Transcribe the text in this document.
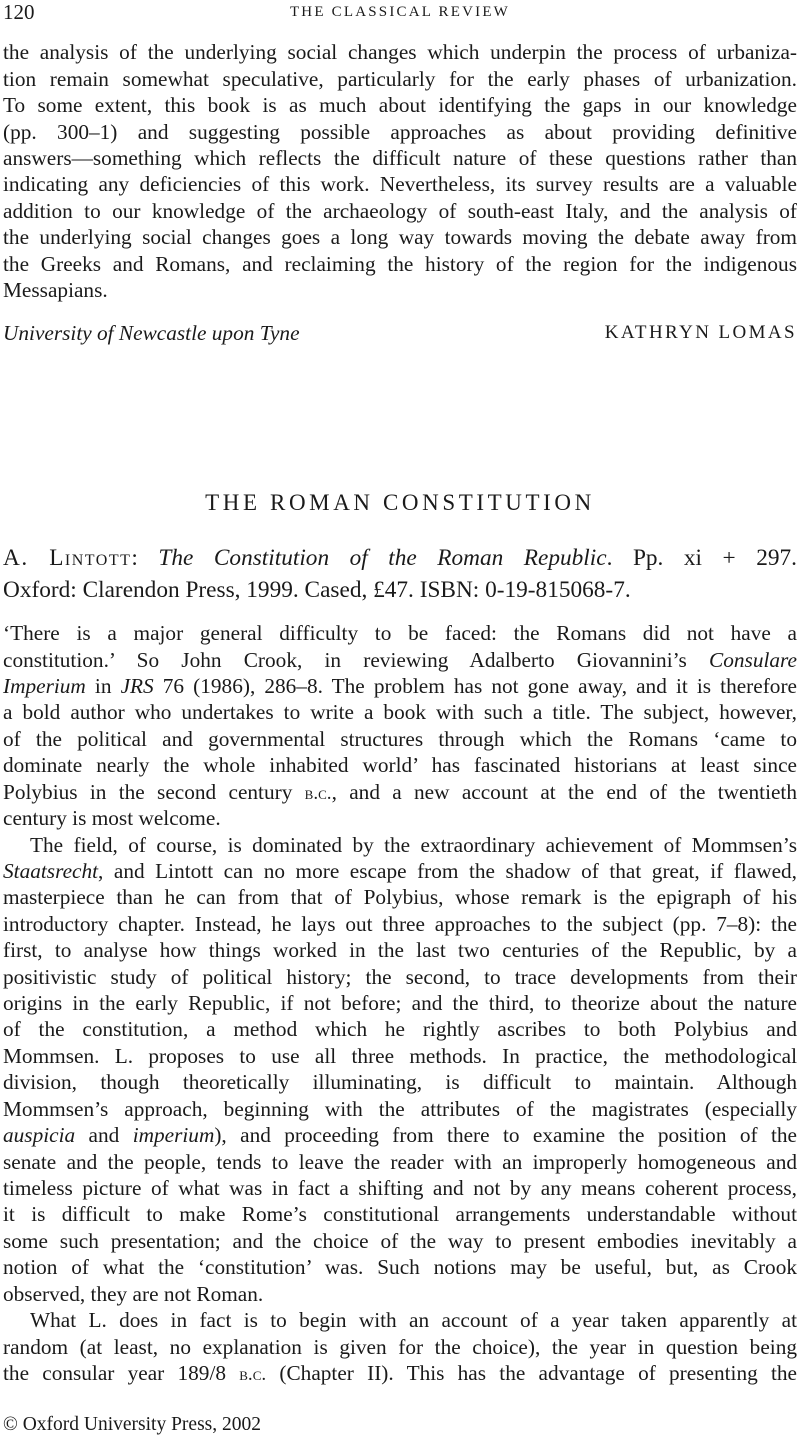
120	THE CLASSICAL REVIEW
the analysis of the underlying social changes which underpin the process of urbaniza-
tion remain somewhat speculative, particularly for the early phases of urbanization.
To some extent, this book is as much about identifying the gaps in our knowledge
(pp. 300–1) and suggesting possible approaches as about providing definitive
answers—something which reflects the difficult nature of these questions rather than
indicating any deficiencies of this work. Nevertheless, its survey results are a valuable
addition to our knowledge of the archaeology of south-east Italy, and the analysis of
the underlying social changes goes a long way towards moving the debate away from
the Greeks and Romans, and reclaiming the history of the region for the indigenous
Messapians.
University of Newcastle upon Tyne	KATHRYN LOMAS
THE ROMAN CONSTITUTION
A. Lintott: The Constitution of the Roman Republic. Pp. xi + 297.
Oxford: Clarendon Press, 1999. Cased, £47. ISBN: 0-19-815068-7.
‘There is a major general difficulty to be faced: the Romans did not have a
constitution.’ So John Crook, in reviewing Adalberto Giovannini’s Consulare
Imperium in JRS 76 (1986), 286–8. The problem has not gone away, and it is therefore
a bold author who undertakes to write a book with such a title. The subject, however,
of the political and governmental structures through which the Romans ‘came to
dominate nearly the whole inhabited world’ has fascinated historians at least since
Polybius in the second century b.c., and a new account at the end of the twentieth
century is most welcome.
The field, of course, is dominated by the extraordinary achievement of Mommsen’s
Staatsrecht, and Lintott can no more escape from the shadow of that great, if flawed,
masterpiece than he can from that of Polybius, whose remark is the epigraph of his
introductory chapter. Instead, he lays out three approaches to the subject (pp. 7–8): the
first, to analyse how things worked in the last two centuries of the Republic, by a
positivistic study of political history; the second, to trace developments from their
origins in the early Republic, if not before; and the third, to theorize about the nature
of the constitution, a method which he rightly ascribes to both Polybius and
Mommsen. L. proposes to use all three methods. In practice, the methodological
division, though theoretically illuminating, is difficult to maintain. Although
Mommsen’s approach, beginning with the attributes of the magistrates (especially
auspicia and imperium), and proceeding from there to examine the position of the
senate and the people, tends to leave the reader with an improperly homogeneous and
timeless picture of what was in fact a shifting and not by any means coherent process,
it is difficult to make Rome’s constitutional arrangements understandable without
some such presentation; and the choice of the way to present embodies inevitably a
notion of what the ‘constitution’ was. Such notions may be useful, but, as Crook
observed, they are not Roman.
What L. does in fact is to begin with an account of a year taken apparently at
random (at least, no explanation is given for the choice), the year in question being
the consular year 189/8 b.c. (Chapter II). This has the advantage of presenting the
© Oxford University Press, 2002
